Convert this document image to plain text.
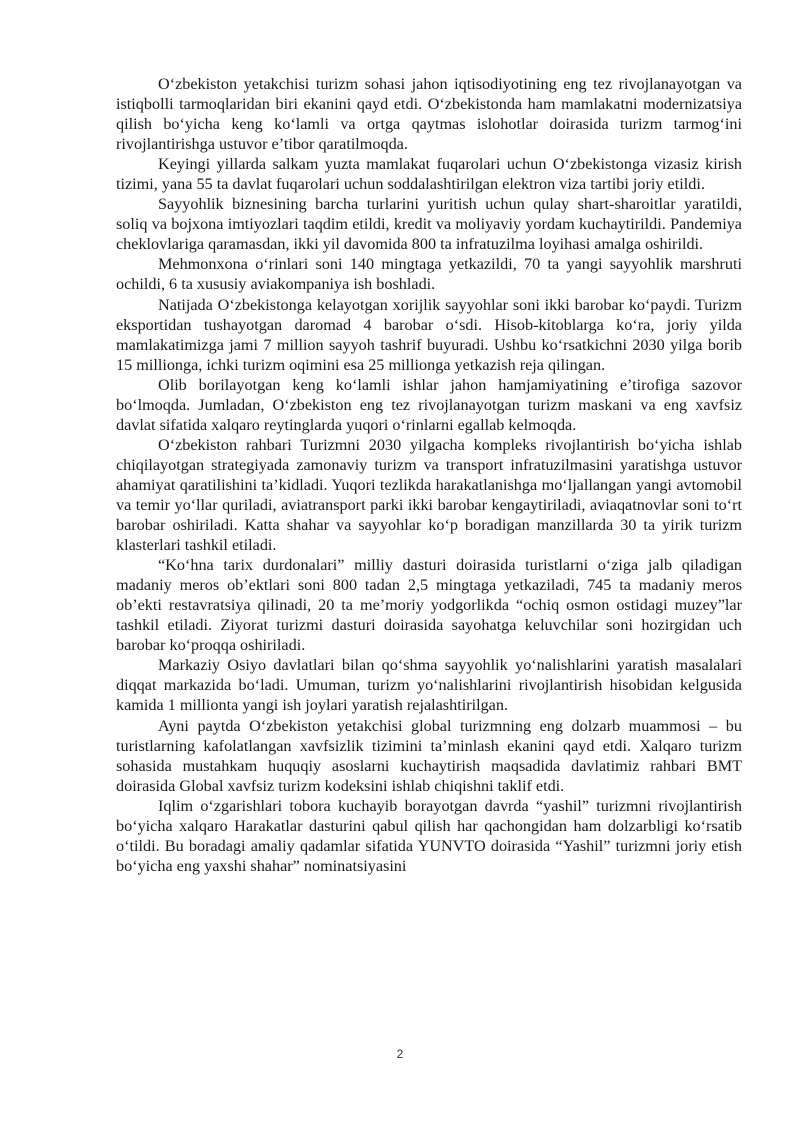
O‘zbekiston yetakchisi turizm sohasi jahon iqtisodiyotining eng tez rivojlanayotgan va istiqbolli tarmoqlaridan biri ekanini qayd etdi. O‘zbekistonda ham mamlakatni modernizatsiya qilish bo‘yicha keng ko‘lamli va ortga qaytmas islohotlar doirasida turizm tarmog‘ini rivojlantirishga ustuvor e’tibor qaratilmoqda.

Keyingi yillarda salkam yuzta mamlakat fuqarolari uchun O‘zbekistonga vizasiz kirish tizimi, yana 55 ta davlat fuqarolari uchun soddalashtirilgan elektron viza tartibi joriy etildi.

Sayyohlik biznesining barcha turlarini yuritish uchun qulay shart-sharoitlar yaratildi, soliq va bojxona imtiyozlari taqdim etildi, kredit va moliyaviy yordam kuchaytirildi. Pandemiya cheklovlariga qaramasdan, ikki yil davomida 800 ta infratuzilma loyihasi amalga oshirildi.

Mehmonxona o‘rinlari soni 140 mingtaga yetkazildi, 70 ta yangi sayyohlik marshruti ochildi, 6 ta xususiy aviakompaniya ish boshladi.

Natijada O‘zbekistonga kelayotgan xorijlik sayyohlar soni ikki barobar ko‘paydi. Turizm eksportidan tushayotgan daromad 4 barobar o‘sdi. Hisob-kitoblarga ko‘ra, joriy yilda mamlakatimizga jami 7 million sayyoh tashrif buyuradi. Ushbu ko‘rsatkichni 2030 yilga borib 15 millionga, ichki turizm oqimini esa 25 millionga yetkazish reja qilingan.

Olib borilayotgan keng ko‘lamli ishlar jahon hamjamiyatining e’tirofiga sazovor bo‘lmoqda. Jumladan, O‘zbekiston eng tez rivojlanayotgan turizm maskani va eng xavfsiz davlat sifatida xalqaro reytinglarda yuqori o‘rinlarni egallab kelmoqda.

O‘zbekiston rahbari Turizmni 2030 yilgacha kompleks rivojlantirish bo‘yicha ishlab chiqilayotgan strategiyada zamonaviy turizm va transport infratuzilmasini yaratishga ustuvor ahamiyat qaratilishini ta’kidladi. Yuqori tezlikda harakatlanishga mo‘ljallangan yangi avtomobil va temir yo‘llar quriladi, aviatransport parki ikki barobar kengaytiriladi, aviaqatnovlar soni to‘rt barobar oshiriladi. Katta shahar va sayyohlar ko‘p boradigan manzillarda 30 ta yirik turizm klasterlari tashkil etiladi.

“Ko‘hna tarix durdonalari” milliy dasturi doirasida turistlarni o‘ziga jalb qiladigan madaniy meros ob’ektlari soni 800 tadan 2,5 mingtaga yetkaziladi, 745 ta madaniy meros ob’ekti restavratsiya qilinadi, 20 ta me’moriy yodgorlikda “ochiq osmon ostidagi muzey”lar tashkil etiladi. Ziyorat turizmi dasturi doirasida sayohatga keluvchilar soni hozirgidan uch barobar ko‘proqqa oshiriladi.

Markaziy Osiyo davlatlari bilan qo‘shma sayyohlik yo‘nalishlarini yaratish masalalari diqqat markazida bo‘ladi. Umuman, turizm yo‘nalishlarini rivojlantirish hisobidan kelgusida kamida 1 millionta yangi ish joylari yaratish rejalashtirilgan.

Ayni paytda O‘zbekiston yetakchisi global turizmning eng dolzarb muammosi – bu turistlarning kafolatlangan xavfsizlik tizimini ta’minlash ekanini qayd etdi. Xalqaro turizm sohasida mustahkam huquqiy asoslarni kuchaytirish maqsadida davlatimiz rahbari BMT doirasida Global xavfsiz turizm kodeksini ishlab chiqishni taklif etdi.

Iqlim o‘zgarishlari tobora kuchayib borayotgan davrda “yashil” turizmni rivojlantirish bo‘yicha xalqaro Harakatlar dasturini qabul qilish har qachongidan ham dolzarbligi ko‘rsatib o‘tildi. Bu boradagi amaliy qadamlar sifatida YUNVTO doirasida “Yashil” turizmni joriy etish bo‘yicha eng yaxshi shahar” nominatsiyasini

2
